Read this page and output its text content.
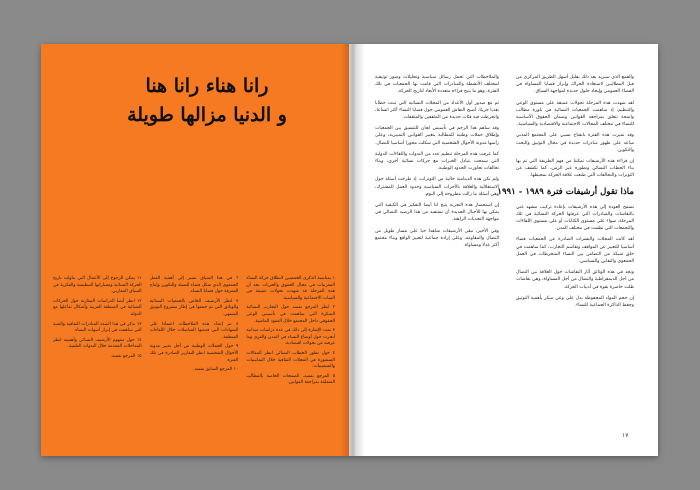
رانا هناء رانا هنا
و الدنيا مزالها طويلة

١ بمناسبة الذكرى الخمسين لانطلاق حركة النساء المغربيات في مجال الحقوق والحريات نجد أن هذه المرحلة قد شهدت تحولات عميقة في البنيات الاجتماعية والسياسية.

٢ انظر المرجع نفسه حول التجارب النسائية المبكرة التي ساهمت في تأسيس الوعي الحقوقي داخل المجتمع خلال العقود الماضية.

٣ تمت الإشارة إلى ذلك في عدة دراسات ميدانية أنجزت حول أوضاع النساء في المدن والقرى وما عرفته من تحولات اقتصادية.

٤ حول تطور الخطاب النسائي انظر المقالات المنشورة في المجلات الثقافية خلال الثمانينيات والتسعينيات.

٥ المرجع نفسه، الصفحات الخاصة بالمطالب المتعلقة بمراجعة القوانين.

٦ في هذا السياق نشير إلى أهمية العمل الجمعوي الذي شكل فضاء للتعبئة والتكوين وإنتاج المعرفة حول قضايا النساء.

٧ انظر الأرشيف الخاص بالجمعيات النسائية والوثائق التي تم جمعها في إطار مشروع التوثيق الشفهي.

٨ تم إعداد هذه الملاحظات اعتمادا على الشهادات التي قدمتها المناضلات خلال اللقاءات المنظمة.

٩ حول الحملات الوطنية من أجل تغيير مدونة الأحوال الشخصية انظر التقارير الصادرة في تلك الفترة.

١٠ المرجع السابق نفسه.

١١ يمكن الرجوع إلى الأعمال التي تناولت تاريخ الحركة النسائية ومساراتها التنظيمية والفكرية في السياق المغاربي.

١٢ انظر أيضا الدراسات المقارنة حول الحركات النسائية في المنطقة العربية وأشكال تفاعلها مع الدولة.

١٣ نذكر في هذا الصدد المبادرات الثقافية والفنية التي ساهمت في إبراز أصوات النساء.

١٤ حول مفهوم الأرشيف النسائي وأهميته انظر المداخلات المقدمة خلال الندوات العلمية.

١٥ المرجع نفسه.

والقمع الذي سيزيد بعد ذلك بقليل أسهل الطريق المركزي من قبل المطالبين لاستعادة الحراك وإبراز قضايا المساواة في الفضاء العمومي وإيجاد حلول جديدة لمواجهة السياق.

لقد شهدت هذه المرحلة تحولات عميقة على مستوى الوعي والتنظيم، إذ ساهمت الجمعيات النسائية في بلورة مطالب واضحة تتعلق بمراجعة القوانين وضمان الحقوق الأساسية للنساء في مختلف المجالات الاجتماعية والاقتصادية والسياسية.

وقد تميزت هذه الفترة بانفتاح نسبي على المجتمع المدني ساعد على ظهور مبادرات جديدة في مجال التوثيق والبحث والتكوين.

إن قراءة هذه الأرشيفات تمكننا من فهم الطريقة التي تم بها بناء الخطاب النسائي وتطوره عبر الزمن، كما تكشف عن التوترات والتحالفات التي طبعت علاقة الحركة بمحيطها.

ماذا تقول أرشيفات فترة ١٩٨٩ - ١٩٩١

تسمح العودة إلى هذه الأرشيفات بإعادة تركيب مشهد غني بالنقاشات والمبادرات التي عرفتها الحركة النسائية في تلك المرحلة، سواء على مستوى الكتابات أو على مستوى اللقاءات والتجمعات التي نظمت في مختلف المدن.

لقد كانت المجلات والنشرات الصادرة عن الجمعيات فضاء أساسيا للتعبير عن المواقف وتقاسم التجارب، كما ساهمت في خلق شبكة من التضامن بين النساء المنخرطات في العمل الجمعوي والنقابي والسياسي.

ونجد في هذه الوثائق آثار النقاشات حول العلاقة بين النضال من أجل الديمقراطية والنضال من أجل المساواة، وهي نقاشات ظلت حاضرة بقوة في أدبيات الحركة.

إن حجم المواد المحفوظة يدل على وعي مبكر بأهمية التوثيق وحفظ الذاكرة الجماعية للنساء.

والملاحظات التي تحمل رسائل سياسية وتحليلات وصور توثيقية لمختلف الأنشطة والمبادرات التي قامت بها الجمعيات في تلك الفترة، وهو ما يتيح قراءة متعددة الأبعاد لتاريخ الحركة.

ثم مع صدور أول الأعداد من المجلات النسائية التي تبنت خطابا نقديا جريئا، أصبح النقاش العمومي حول قضايا النساء أكثر اتساعا، وانخرطت فيه فئات جديدة من المثقفين والمثقفات.

وقد ساهم هذا الزخم في تأسيس لجان للتنسيق بين الجمعيات وإطلاق حملات وطنية للمطالبة بتغيير القوانين التمييزية، وعلى رأسها مدونة الأحوال الشخصية التي شكلت محورا أساسيا للنضال.

كما عرفت هذه المرحلة تنظيم عدد من الندوات واللقاءات الدولية التي سمحت بتبادل الخبرات مع حركات نسائية أخرى، وبناء تحالفات تجاوزت الحدود الوطنية.

ولم تكن هذه الدينامية خالية من التوترات، إذ طرحت أسئلة حول الاستقلالية والعلاقة بالأحزاب السياسية وحدود العمل المشترك، وهي أسئلة ما زالت مطروحة إلى اليوم.

إن استحضار هذه التجربة يتيح لنا أيضا التفكير في الكيفية التي يمكن بها للأجيال الجديدة أن تستفيد من هذا الرصيد النضالي في مواجهة التحديات الراهنة.

وفي الأخير، تبقى الأرشيفات شاهدا حيا على مسار طويل من النضال والمقاومة، وعلى إرادة جماعية لتغيير الواقع وبناء مجتمع أكثر عدلا ومساواة.

١٧
